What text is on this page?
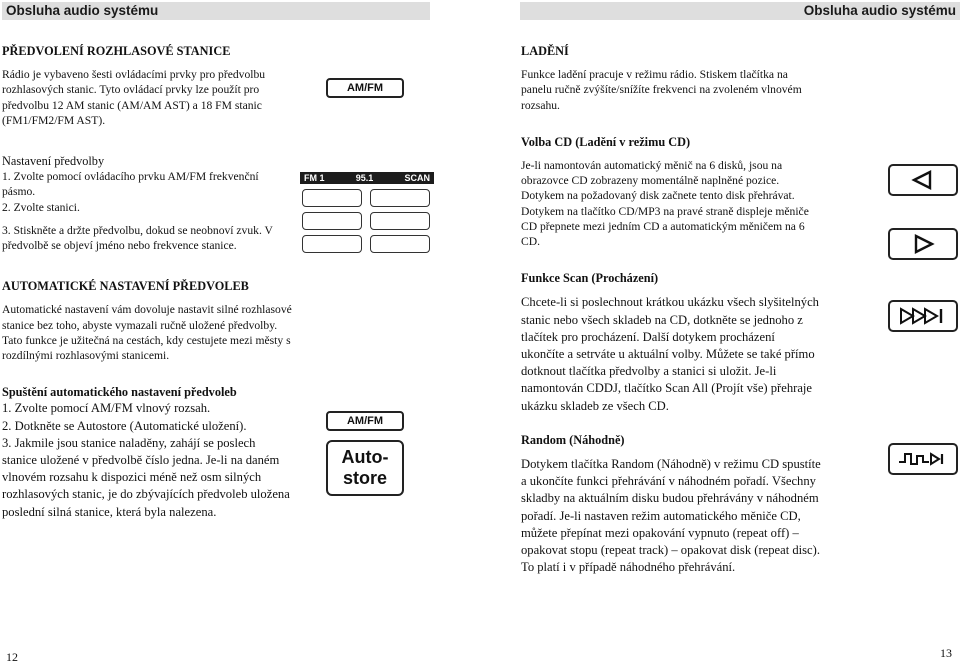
Obsluha audio systému	Obsluha audio systému

PŘEDVOLENÍ ROZHLASOVÉ STANICE

Rádio je vybaveno šesti ovládacími prvky pro předvolbu rozhlasových stanic. Tyto ovládací prvky lze použít pro předvolbu 12 AM stanic (AM/AM AST) a 18 FM stanic (FM1/FM2/FM AST).

Nastavení předvolby

1. Zvolte pomocí ovládacího prvku AM/FM frekvenční pásmo.

2. Zvolte stanici.

3. Stiskněte a držte předvolbu, dokud se neobnoví zvuk. V předvolbě se objeví jméno nebo frekvence stanice.

AUTOMATICKÉ NASTAVENÍ PŘEDVOLEB

Automatické nastavení vám dovoluje nastavit silné rozhlasové stanice bez toho, abyste vymazali ručně uložené předvolby. Tato funkce je užitečná na cestách, kdy cestujete mezi městy s rozdílnými rozhlasovými stanicemi.

Spuštění automatického nastavení předvoleb

1. Zvolte pomocí AM/FM vlnový rozsah.

2. Dotkněte se Autostore (Automatické uložení).

3. Jakmile jsou stanice naladěny, zahájí se poslech stanice uložené v předvolbě číslo jedna. Je-li na daném vlnovém rozsahu k dispozici méně než osm silných rozhlasových stanic, je do zbývajících předvoleb uložena poslední silná stanice, která byla nalezena.

AM/FM
FM 1	95.1	SCAN
AM/FM
Auto-
store

LADĚNÍ

Funkce ladění pracuje v režimu rádio. Stiskem tlačítka na panelu ručně zvýšíte/snížíte frekvenci na zvoleném vlnovém rozsahu.

Volba CD (Ladění v režimu CD)

Je-li namontován automatický měnič na 6 disků, jsou na obrazovce CD zobrazeny momentálně naplněné pozice. Dotykem na požadovaný disk začnete tento disk přehrávat. Dotykem na tlačítko CD/MP3 na pravé straně displeje měniče CD přepnete mezi jedním CD a automatickým měničem na 6 CD.

Funkce Scan (Procházení)

Chcete-li si poslechnout krátkou ukázku všech slyšitelných stanic nebo všech skladeb na CD, dotkněte se jednoho z tlačítek pro procházení. Další dotykem procházení ukončíte a setrváte u aktuální volby. Můžete se také přímo dotknout tlačítka předvolby a stanici si uložit. Je-li namontován CDDJ, tlačítko Scan All (Projít vše) přehraje ukázku skladeb ze všech CD.

Random (Náhodně)

Dotykem tlačítka Random (Náhodně) v režimu CD spustíte a ukončíte funkci přehrávání v náhodném pořadí. Všechny skladby na aktuálním disku budou přehrávány v náhodném pořadí. Je-li nastaven režim automatického měniče CD, můžete přepínat mezi opakování vypnuto (repeat off) – opakovat stopu (repeat track) – opakovat disk (repeat disc). To platí i v případě náhodného přehrávání.

12	13
